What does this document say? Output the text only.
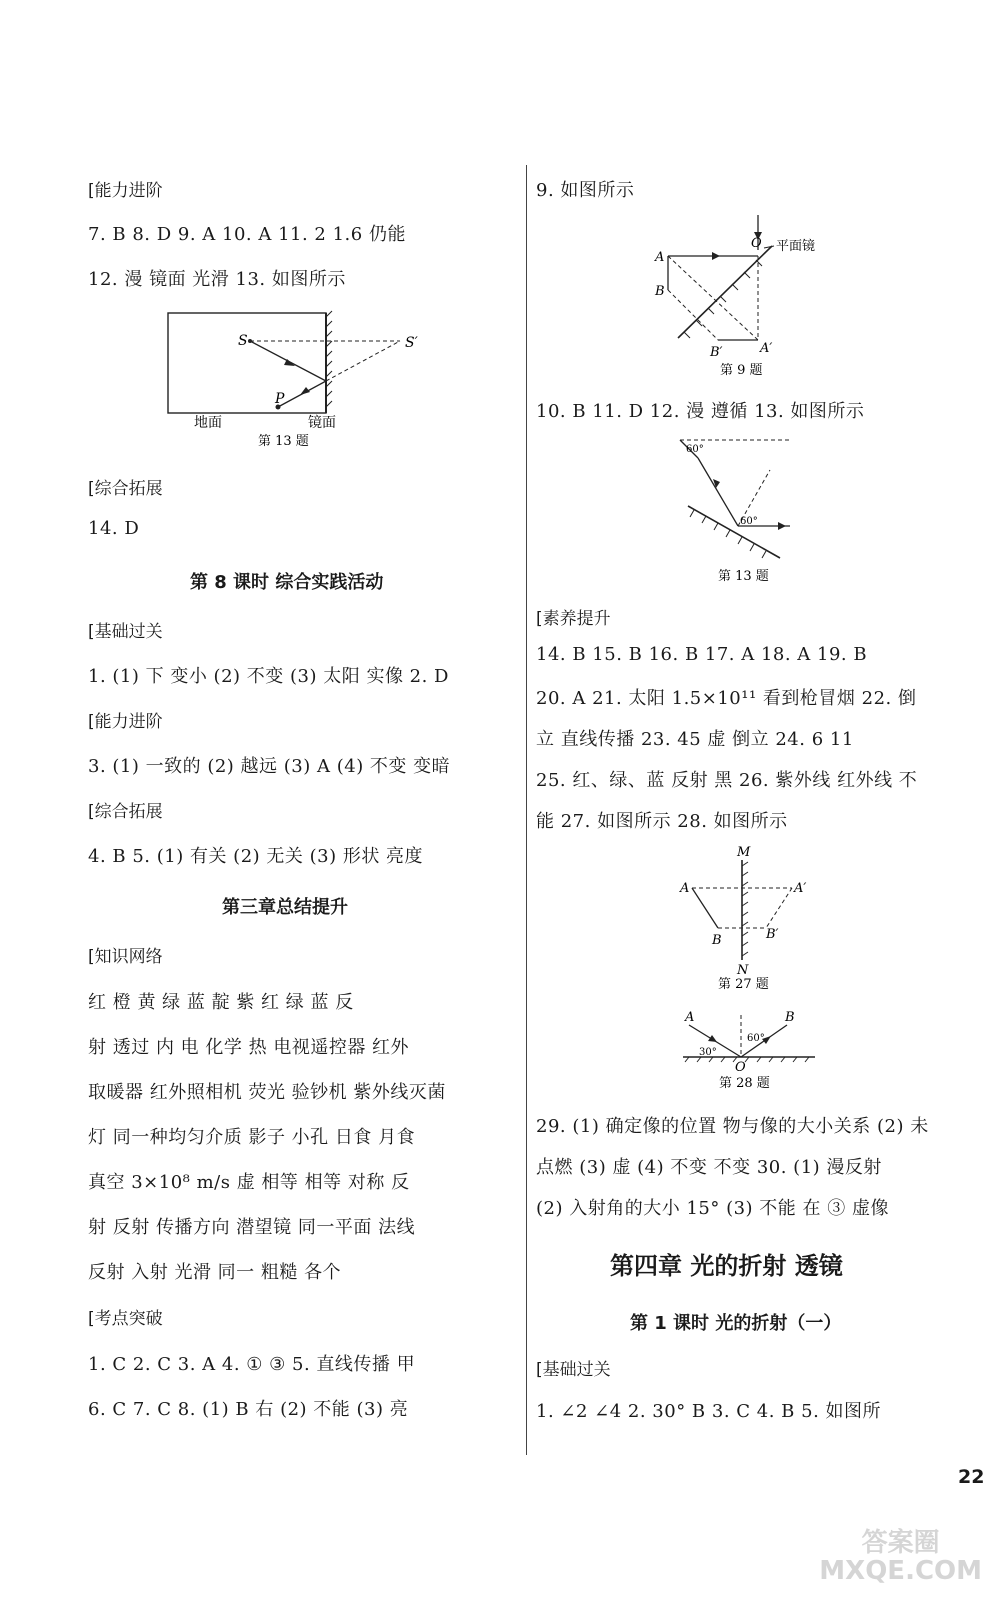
[能力进阶
7. B 8. D 9. A 10. A 11. 2 1.6 仍能
12. 漫 镜面 光滑 13. 如图所示
S	S′
P
地面	镜面
第 13 题
[综合拓展
14. D
第 8 课时 综合实践活动
[基础过关
1. (1) 下 变小 (2) 不变 (3) 太阳 实像 2. D
[能力进阶
3. (1) 一致的 (2) 越远 (3) A (4) 不变 变暗
[综合拓展
4. B 5. (1) 有关 (2) 无关 (3) 形状 亮度
第三章总结提升
[知识网络
红 橙 黄 绿 蓝 靛 紫 红 绿 蓝 反
射 透过 内 电 化学 热 电视遥控器 红外
取暖器 红外照相机 荧光 验钞机 紫外线灭菌
灯 同一种均匀介质 影子 小孔 日食 月食
真空 3×10⁸ m/s 虚 相等 相等 对称 反
射 反射 传播方向 潜望镜 同一平面 法线
反射 入射 光滑 同一 粗糙 各个
[考点突破
1. C 2. C 3. A 4. ① ③ 5. 直线传播 甲
6. C 7. C 8. (1) B 右 (2) 不能 (3) 亮
9. 如图所示
O 平面镜
A
B
B′	A′
第 9 题
10. B 11. D 12. 漫 遵循 13. 如图所示
60°
60°
第 13 题
[素养提升
14. B 15. B 16. B 17. A 18. A 19. B
20. A 21. 太阳 1.5×10¹¹ 看到枪冒烟 22. 倒
立 直线传播 23. 45 虚 倒立 24. 6 11
25. 红、绿、蓝 反射 黑 26. 紫外线 红外线 不
能 27. 如图所示 28. 如图所示
M
N
A	A′
B	B′
第 27 题
A	B
O
30°
60°
第 28 题
29. (1) 确定像的位置 物与像的大小关系 (2) 未
点燃 (3) 虚 (4) 不变 不变 30. (1) 漫反射
(2) 入射角的大小 15° (3) 不能 在 ③ 虚像
第四章 光的折射 透镜
第 1 课时 光的折射（一）
[基础过关
1. ∠2 ∠4 2. 30° B 3. C 4. B 5. 如图所
22
答案圈
MXQE.COM
